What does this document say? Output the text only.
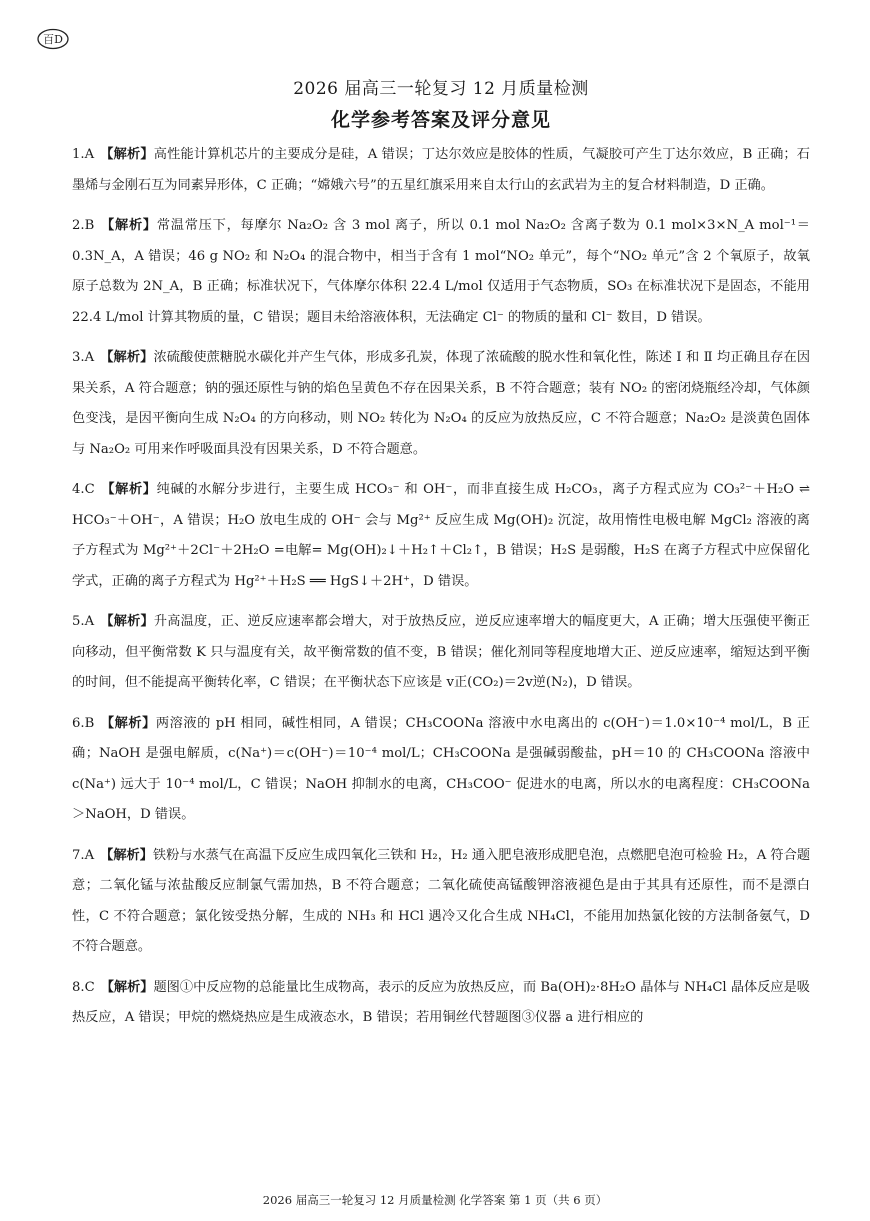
百D
2026 届高三一轮复习 12 月质量检测
化学参考答案及评分意见
1.A 【解析】高性能计算机芯片的主要成分是硅，A 错误；丁达尔效应是胶体的性质，气凝胶可产生丁达尔效应，B 正确；石墨烯与金刚石互为同素异形体，C 正确；“嫦娥六号”的五星红旗采用来自太行山的玄武岩为主的复合材料制造，D 正确。
2.B 【解析】常温常压下，每摩尔 Na₂O₂ 含 3 mol 离子，所以 0.1 mol Na₂O₂ 含离子数为 0.1 mol×3×N_A mol⁻¹＝0.3N_A，A 错误；46 g NO₂ 和 N₂O₄ 的混合物中，相当于含有 1 mol“NO₂ 单元”，每个“NO₂ 单元”含 2 个氧原子，故氧原子总数为 2N_A，B 正确；标准状况下，气体摩尔体积 22.4 L/mol 仅适用于气态物质，SO₃ 在标准状况下是固态，不能用 22.4 L/mol 计算其物质的量，C 错误；题目未给溶液体积，无法确定 Cl⁻ 的物质的量和 Cl⁻ 数目，D 错误。
3.A 【解析】浓硫酸使蔗糖脱水碳化并产生气体，形成多孔炭，体现了浓硫酸的脱水性和氧化性，陈述 Ⅰ 和 Ⅱ 均正确且存在因果关系，A 符合题意；钠的强还原性与钠的焰色呈黄色不存在因果关系，B 不符合题意；装有 NO₂ 的密闭烧瓶经冷却，气体颜色变浅，是因平衡向生成 N₂O₄ 的方向移动，则 NO₂ 转化为 N₂O₄ 的反应为放热反应，C 不符合题意；Na₂O₂ 是淡黄色固体与 Na₂O₂ 可用来作呼吸面具没有因果关系，D 不符合题意。
4.C 【解析】纯碱的水解分步进行，主要生成 HCO₃⁻ 和 OH⁻，而非直接生成 H₂CO₃，离子方程式应为 CO₃²⁻＋H₂O ⇌ HCO₃⁻＋OH⁻，A 错误；H₂O 放电生成的 OH⁻ 会与 Mg²⁺ 反应生成 Mg(OH)₂ 沉淀，故用惰性电极电解 MgCl₂ 溶液的离子方程式为 Mg²⁺＋2Cl⁻＋2H₂O =电解= Mg(OH)₂↓＋H₂↑＋Cl₂↑，B 错误；H₂S 是弱酸，H₂S 在离子方程式中应保留化学式，正确的离子方程式为 Hg²⁺＋H₂S ══ HgS↓＋2H⁺，D 错误。
5.A 【解析】升高温度，正、逆反应速率都会增大，对于放热反应，逆反应速率增大的幅度更大，A 正确；增大压强使平衡正向移动，但平衡常数 K 只与温度有关，故平衡常数的值不变，B 错误；催化剂同等程度地增大正、逆反应速率，缩短达到平衡的时间，但不能提高平衡转化率，C 错误；在平衡状态下应该是 v正(CO₂)＝2v逆(N₂)，D 错误。
6.B 【解析】两溶液的 pH 相同，碱性相同，A 错误；CH₃COONa 溶液中水电离出的 c(OH⁻)＝1.0×10⁻⁴ mol/L，B 正确；NaOH 是强电解质，c(Na⁺)＝c(OH⁻)＝10⁻⁴ mol/L；CH₃COONa 是强碱弱酸盐，pH＝10 的 CH₃COONa 溶液中 c(Na⁺) 远大于 10⁻⁴ mol/L，C 错误；NaOH 抑制水的电离，CH₃COO⁻ 促进水的电离，所以水的电离程度：CH₃COONa＞NaOH，D 错误。
7.A 【解析】铁粉与水蒸气在高温下反应生成四氧化三铁和 H₂，H₂ 通入肥皂液形成肥皂泡，点燃肥皂泡可检验 H₂，A 符合题意；二氧化锰与浓盐酸反应制氯气需加热，B 不符合题意；二氧化硫使高锰酸钾溶液褪色是由于其具有还原性，而不是漂白性，C 不符合题意；氯化铵受热分解，生成的 NH₃ 和 HCl 遇冷又化合生成 NH₄Cl，不能用加热氯化铵的方法制备氨气，D 不符合题意。
8.C 【解析】题图①中反应物的总能量比生成物高，表示的反应为放热反应，而 Ba(OH)₂·8H₂O 晶体与 NH₄Cl 晶体反应是吸热反应，A 错误；甲烷的燃烧热应是生成液态水，B 错误；若用铜丝代替题图③仪器 a 进行相应的
2026 届高三一轮复习 12 月质量检测 化学答案 第 1 页（共 6 页）
